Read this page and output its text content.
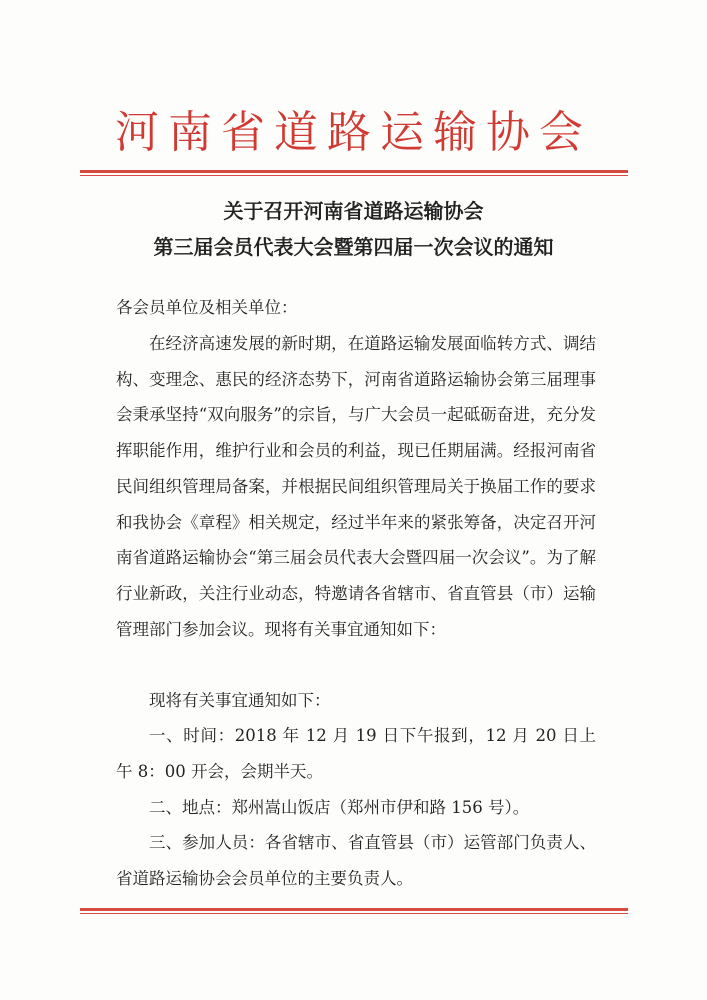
河南省道路运输协会
关于召开河南省道路运输协会
第三届会员代表大会暨第四届一次会议的通知
各会员单位及相关单位：

在经济高速发展的新时期，在道路运输发展面临转方式、调结构、变理念、惠民的经济态势下，河南省道路运输协会第三届理事会秉承坚持“双向服务”的宗旨，与广大会员一起砥砺奋进，充分发挥职能作用，维护行业和会员的利益，现已任期届满。经报河南省民间组织管理局备案，并根据民间组织管理局关于换届工作的要求和我协会《章程》相关规定，经过半年来的紧张筹备，决定召开河南省道路运输协会“第三届会员代表大会暨四届一次会议”。为了解行业新政，关注行业动态，特邀请各省辖市、省直管县（市）运输管理部门参加会议。现将有关事宜通知如下：

现将有关事宜通知如下：

一、时间：2018 年 12 月 19 日下午报到，12 月 20 日上午 8：00 开会，会期半天。

二、地点：郑州嵩山饭店（郑州市伊和路 156 号）。

三、参加人员：各省辖市、省直管县（市）运管部门负责人、省道路运输协会会员单位的主要负责人。
